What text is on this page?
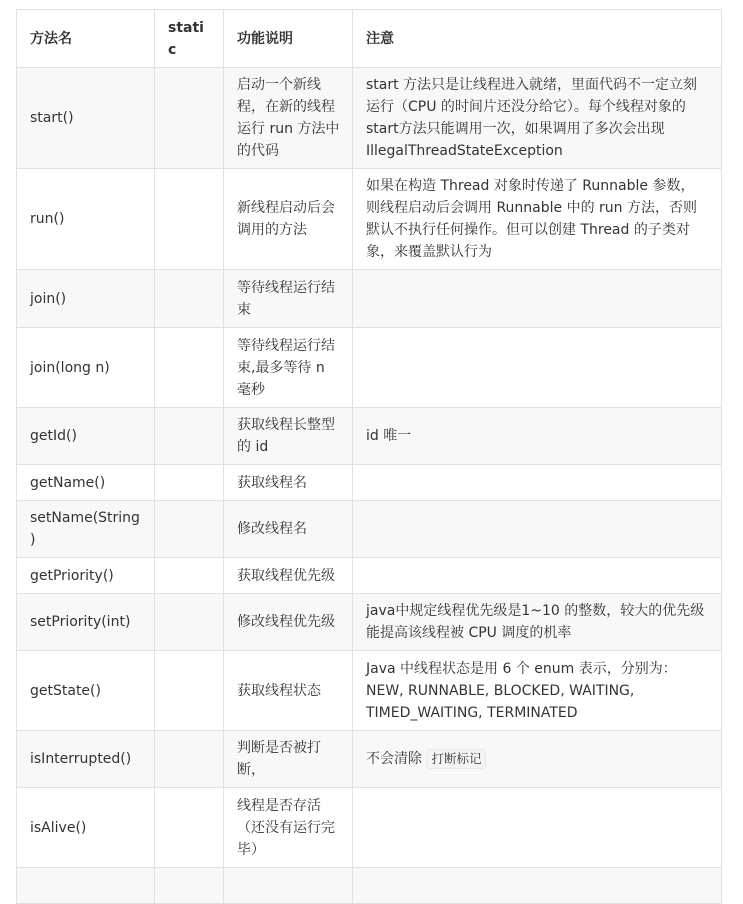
方法名	static	功能说明	注意
start()		启动一个新线程，在新的线程运行 run 方法中的代码	start 方法只是让线程进入就绪，里面代码不一定立刻运行（CPU 的时间片还没分给它）。每个线程对象的start方法只能调用一次，如果调用了多次会出现 IllegalThreadStateException
run()		新线程启动后会调用的方法	如果在构造 Thread 对象时传递了 Runnable 参数，则线程启动后会调用 Runnable 中的 run 方法，否则默认不执行任何操作。但可以创建 Thread 的子类对象，来覆盖默认行为
join()		等待线程运行结束	
join(long n)		等待线程运行结束,最多等待 n 毫秒	
getId()		获取线程长整型的 id	id 唯一
getName()		获取线程名	
setName(String)		修改线程名	
getPriority()		获取线程优先级	
setPriority(int)		修改线程优先级	java中规定线程优先级是1~10 的整数，较大的优先级能提高该线程被 CPU 调度的机率
getState()		获取线程状态	Java 中线程状态是用 6 个 enum 表示，分别为：NEW, RUNNABLE, BLOCKED, WAITING, TIMED_WAITING, TERMINATED
isInterrupted()		判断是否被打断，	不会清除 打断标记
isAlive()		线程是否存活（还没有运行完毕）	
